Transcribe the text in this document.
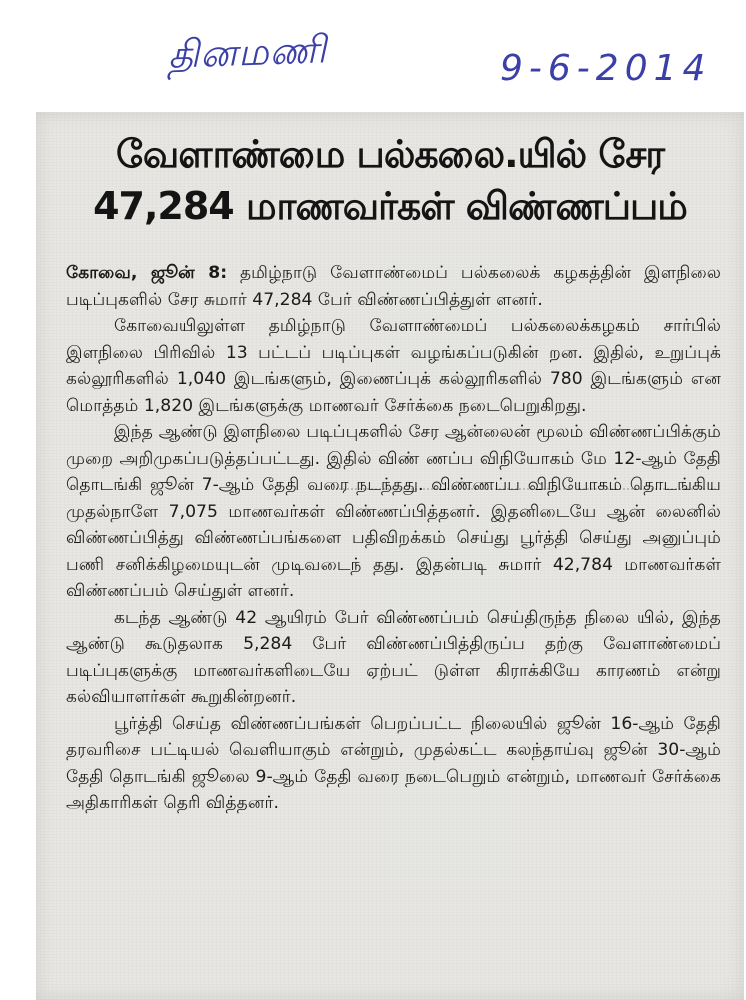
தினமணி	9-6-2014
வேளாண்மை பல்கலை.யில் சேர
47,284 மாணவர்கள் விண்ணப்பம்

கோவை, ஜூன் 8: தமிழ்நாடு வேளாண்மைப் பல்கலைக் கழகத்தின் இளநிலை படிப்புகளில் சேர சுமார் 47,284 பேர் விண்ணப்பித்துள் ளனர்.

கோவையிலுள்ள தமிழ்நாடு வேளாண்மைப் பல்கலைக்கழகம் சார்பில் இளநிலை பிரிவில் 13 பட்டப் படிப்புகள் வழங்கப்படுகின் றன. இதில், உறுப்புக் கல்லூரிகளில் 1,040 இடங்களும், இணைப்புக் கல்லூரிகளில் 780 இடங்களும் என மொத்தம் 1,820 இடங்களுக்கு மாணவர் சேர்க்கை நடைபெறுகிறது.

இந்த ஆண்டு இளநிலை படிப்புகளில் சேர ஆன்லைன் மூலம் விண்ணப்பிக்கும் முறை அறிமுகப்படுத்தப்பட்டது. இதில் விண் ணப்ப விநியோகம் மே 12-ஆம் தேதி தொடங்கி ஜூன் 7-ஆம் தேதி வரை நடந்தது. விண்ணப்ப விநியோகம் தொடங்கிய முதல்நாளே 7,075 மாணவர்கள் விண்ணப்பித்தனர். இதனிடையே ஆன் லைனில் விண்ணப்பித்து விண்ணப்பங்களை பதிவிறக்கம் செய்து பூர்த்தி செய்து அனுப்பும் பணி சனிக்கிழமையுடன் முடிவடைந் தது. இதன்படி சுமார் 42,784 மாணவர்கள் விண்ணப்பம் செய்துள் ளனர்.

கடந்த ஆண்டு 42 ஆயிரம் பேர் விண்ணப்பம் செய்திருந்த நிலை யில், இந்த ஆண்டு கூடுதலாக 5,284 பேர் விண்ணப்பித்திருப்ப தற்கு வேளாண்மைப் படிப்புகளுக்கு மாணவர்களிடையே ஏற்பட் டுள்ள கிராக்கியே காரணம் என்று கல்வியாளர்கள் கூறுகின்றனர்.

பூர்த்தி செய்த விண்ணப்பங்கள் பெறப்பட்ட நிலையில் ஜூன் 16-ஆம் தேதி தரவரிசை பட்டியல் வெளியாகும் என்றும், முதல்கட்ட கலந்தாய்வு ஜூன் 30-ஆம் தேதி தொடங்கி ஜூலை 9-ஆம் தேதி வரை நடைபெறும் என்றும், மாணவர் சேர்க்கை அதிகாரிகள் தெரி வித்தனர்.
